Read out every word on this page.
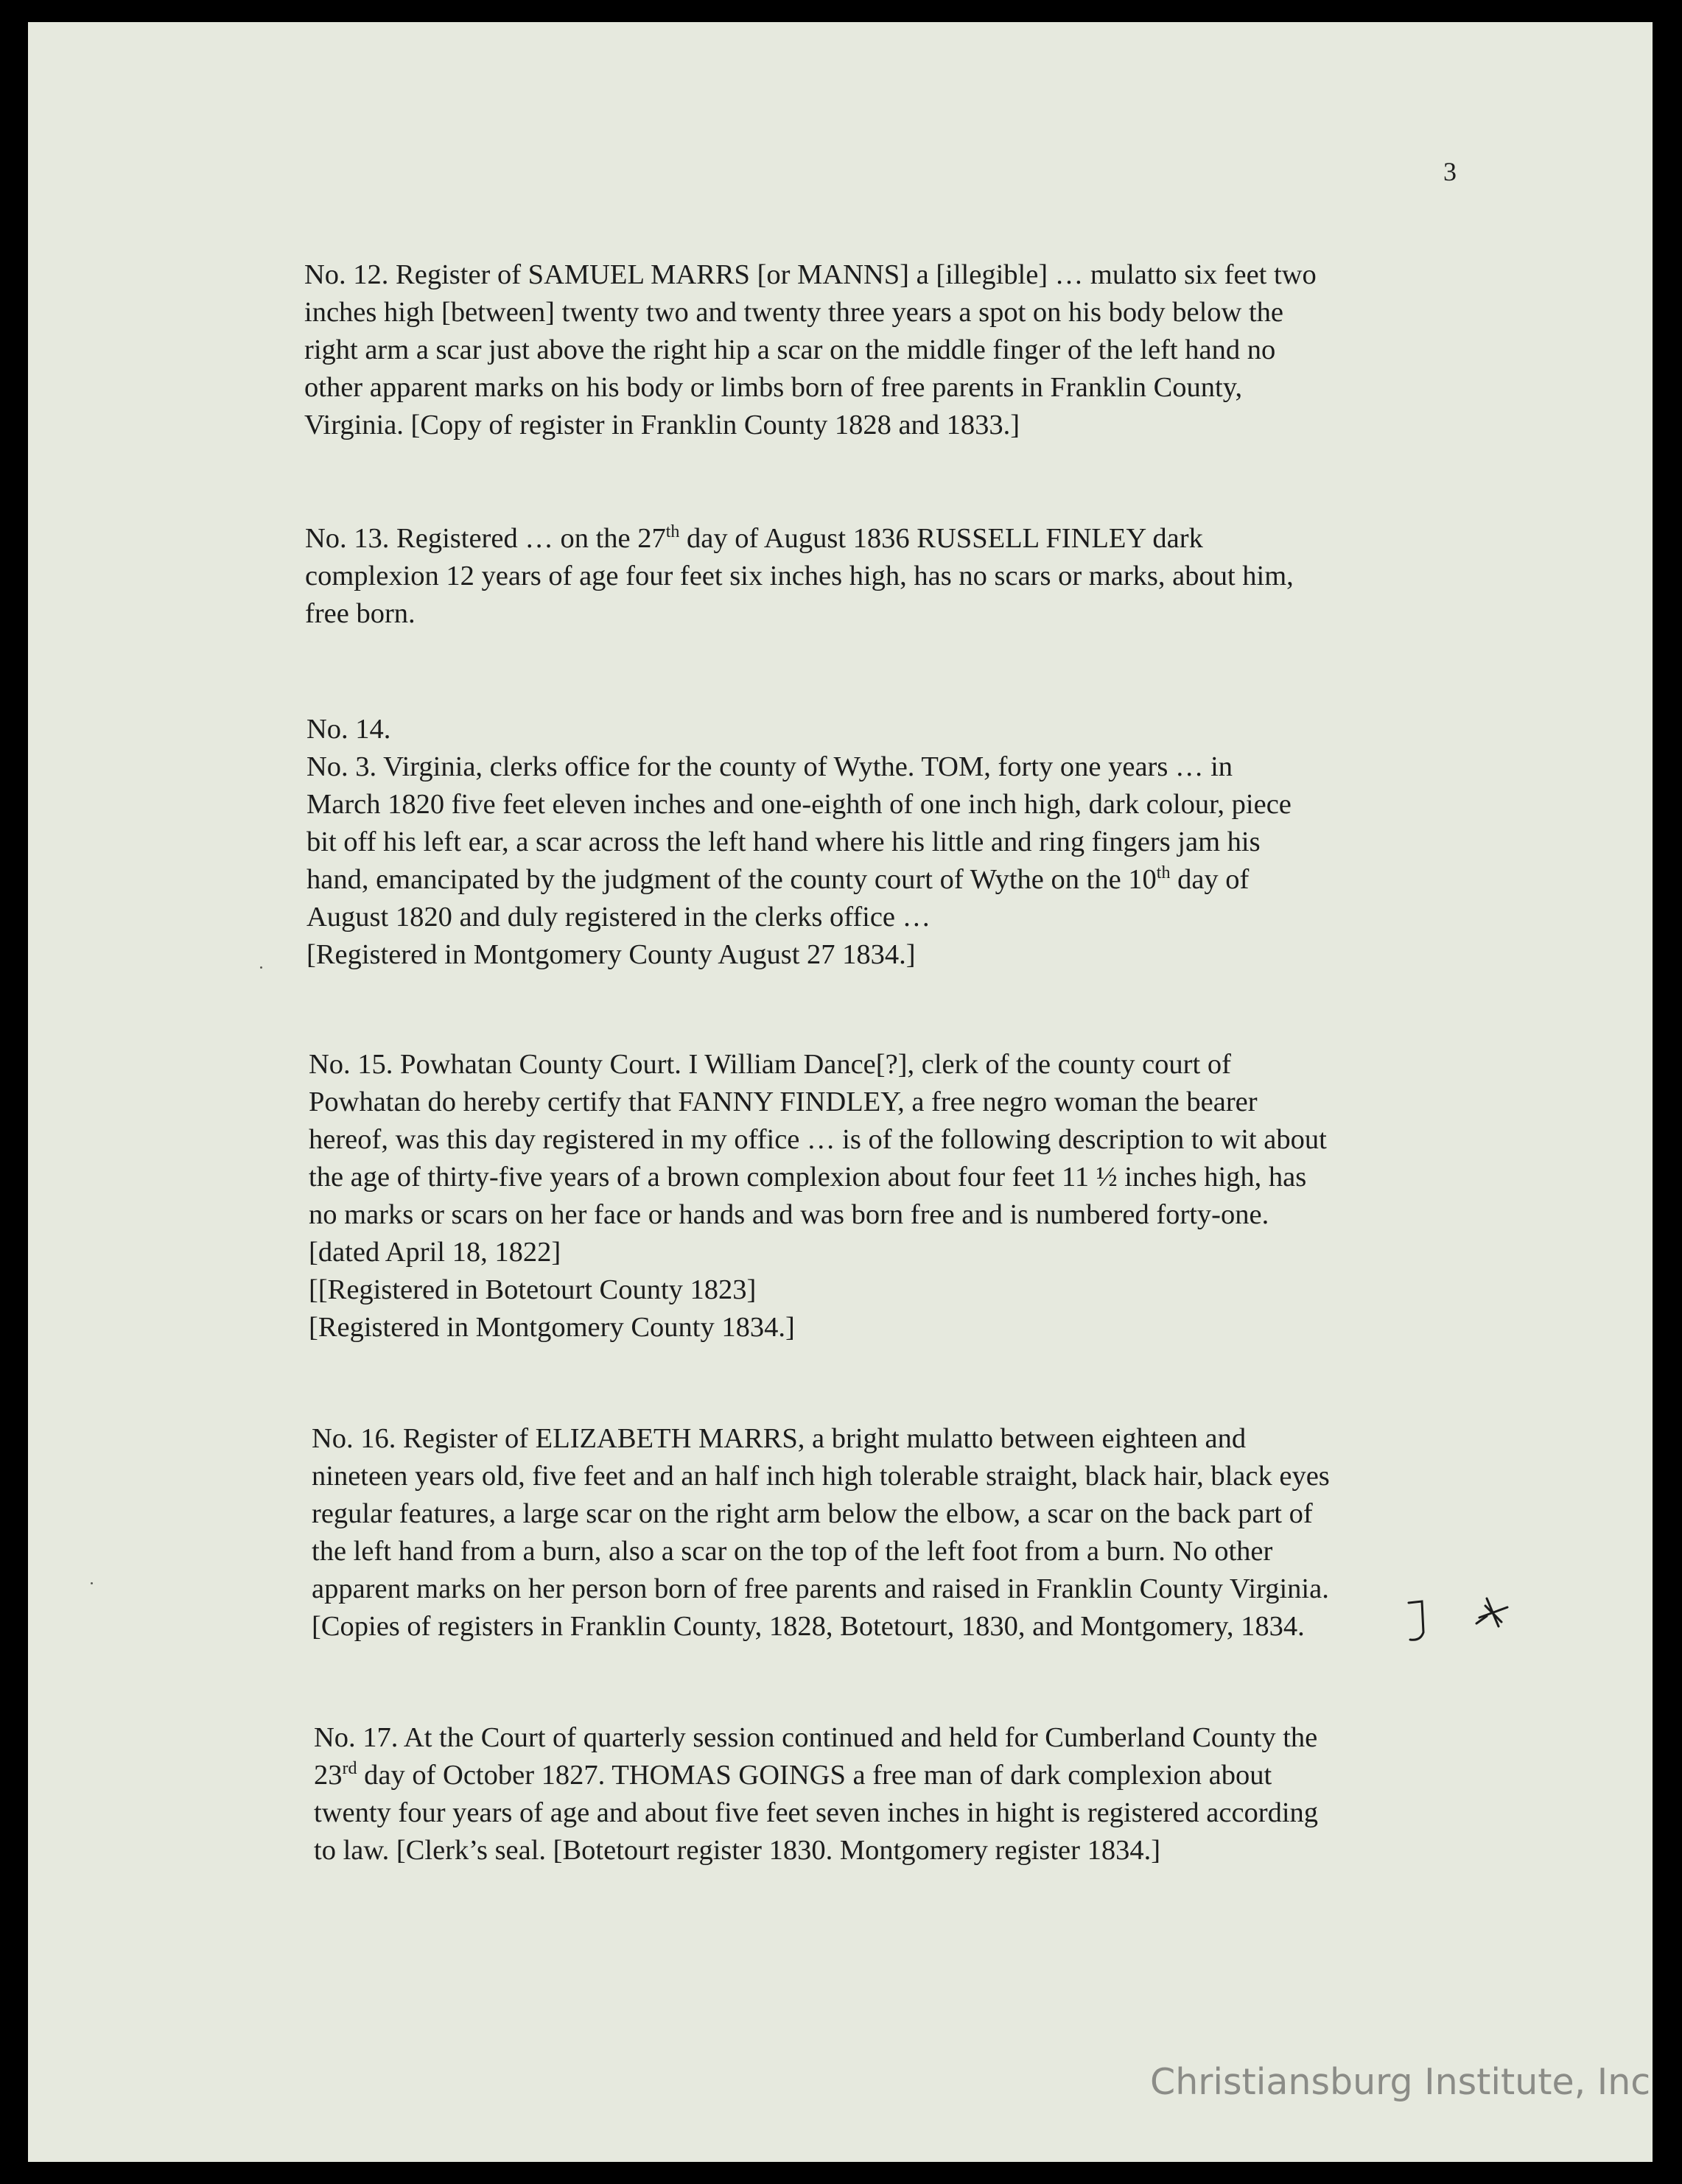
3
No. 12. Register of SAMUEL MARRS [or MANNS] a [illegible] … mulatto six feet two
inches high [between] twenty two and twenty three years a spot on his body below the
right arm a scar just above the right hip a scar on the middle finger of the left hand no
other apparent marks on his body or limbs born of free parents in Franklin County,
Virginia. [Copy of register in Franklin County 1828 and 1833.]
No. 13. Registered … on the 27th day of August 1836 RUSSELL FINLEY dark
complexion 12 years of age four feet six inches high, has no scars or marks, about him,
free born.
No. 14.
No. 3. Virginia, clerks office for the county of Wythe. TOM, forty one years … in
March 1820 five feet eleven inches and one-eighth of one inch high, dark colour, piece
bit off his left ear, a scar across the left hand where his little and ring fingers jam his
hand, emancipated by the judgment of the county court of Wythe on the 10th day of
August 1820 and duly registered in the clerks office …
[Registered in Montgomery County August 27 1834.]
No. 15. Powhatan County Court. I William Dance[?], clerk of the county court of
Powhatan do hereby certify that FANNY FINDLEY, a free negro woman the bearer
hereof, was this day registered in my office … is of the following description to wit about
the age of thirty-five years of a brown complexion about four feet 11 ½ inches high, has
no marks or scars on her face or hands and was born free and is numbered forty-one.
[dated April 18, 1822]
[[Registered in Botetourt County 1823]
[Registered in Montgomery County 1834.]
No. 16. Register of ELIZABETH MARRS, a bright mulatto between eighteen and
nineteen years old, five feet and an half inch high tolerable straight, black hair, black eyes
regular features, a large scar on the right arm below the elbow, a scar on the back part of
the left hand from a burn, also a scar on the top of the left foot from a burn. No other
apparent marks on her person born of free parents and raised in Franklin County Virginia.
[Copies of registers in Franklin County, 1828, Botetourt, 1830, and Montgomery, 1834.
No. 17. At the Court of quarterly session continued and held for Cumberland County the
23rd day of October 1827. THOMAS GOINGS a free man of dark complexion about
twenty four years of age and about five feet seven inches in hight is registered according
to law. [Clerk’s seal. [Botetourt register 1830. Montgomery register 1834.]
Christiansburg Institute, Inc
